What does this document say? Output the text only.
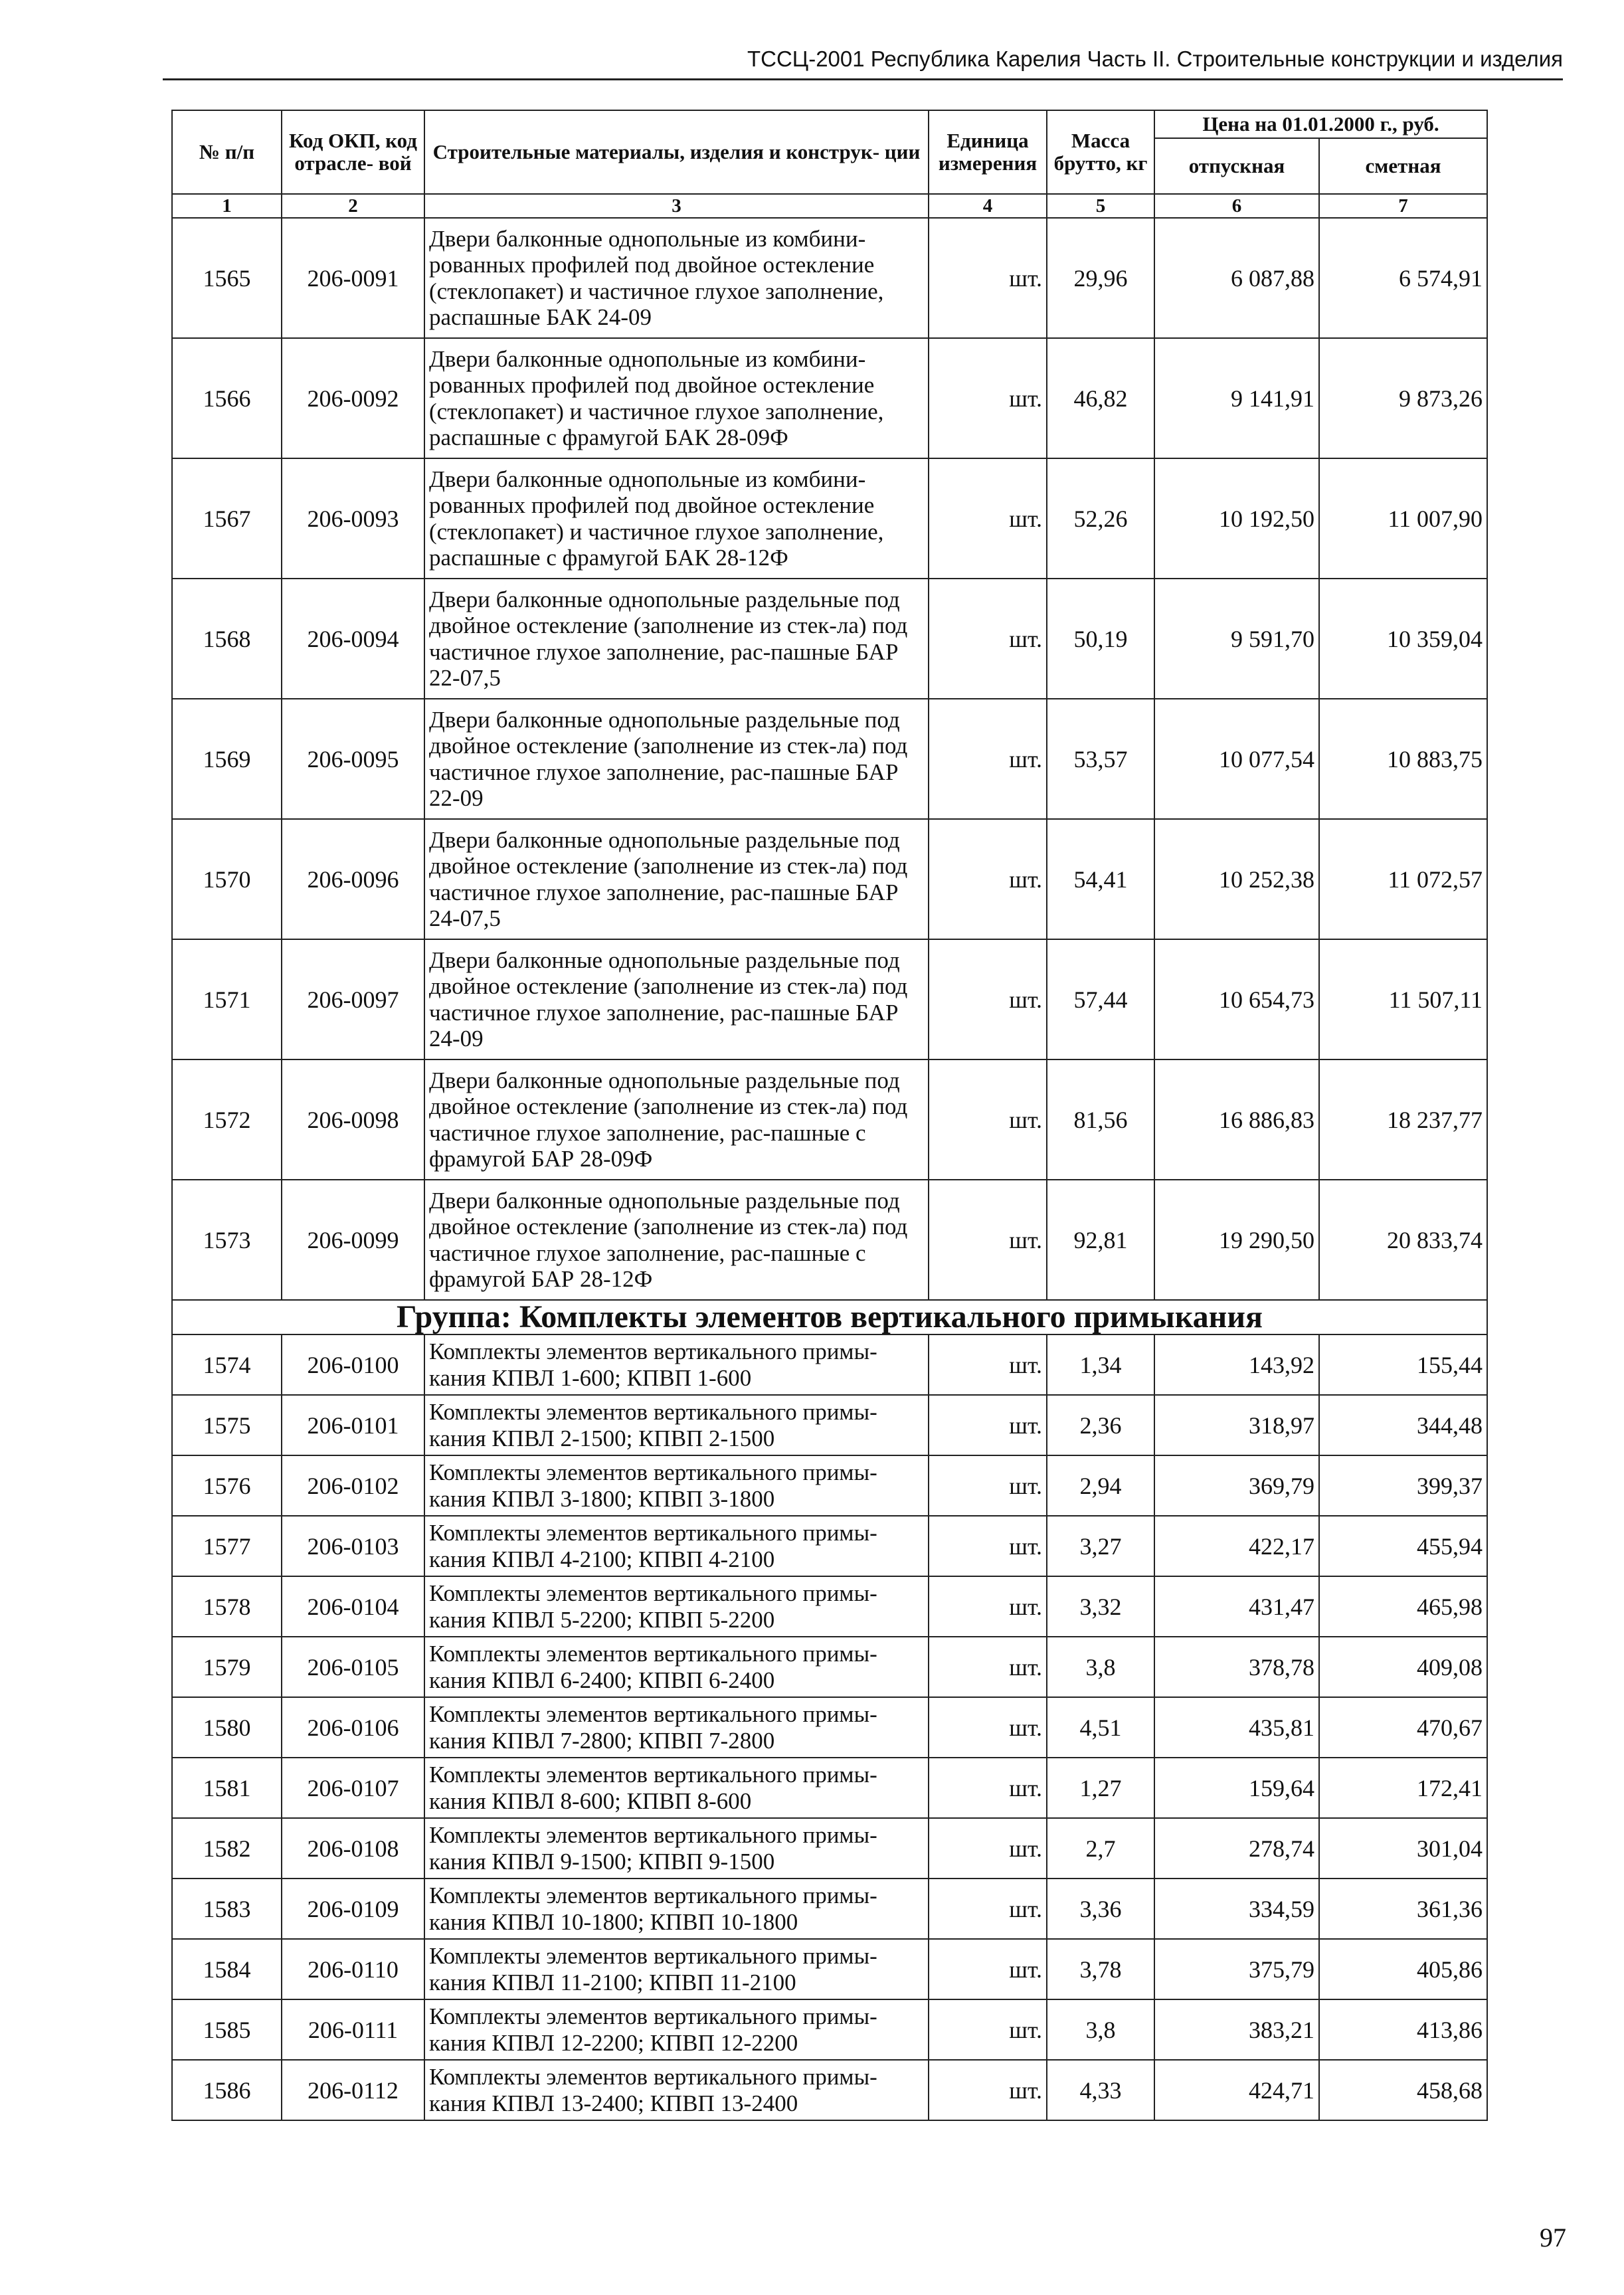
ТССЦ-2001 Республика Карелия Часть II. Строительные конструкции и изделия
№ п/п	Код ОКП, код отрасле- вой	Строительные материалы, изделия и конструк- ции	Единица измерения	Масса брутто, кг	Цена на 01.01.2000 г., руб.	
					отпускная	сметная
1	2	3	4	5	6	7
1565	206-0091	Двери балконные однопольные из комбини-рованных профилей под двойное остекление (стеклопакет) и частичное глухое заполнение, распашные БАК 24-09	шт.	29,96	6 087,88	6 574,91
1566	206-0092	Двери балконные однопольные из комбини-рованных профилей под двойное остекление (стеклопакет) и частичное глухое заполнение, распашные с фрамугой БАК 28-09Ф	шт.	46,82	9 141,91	9 873,26
1567	206-0093	Двери балконные однопольные из комбини-рованных профилей под двойное остекление (стеклопакет) и частичное глухое заполнение, распашные с фрамугой БАК 28-12Ф	шт.	52,26	10 192,50	11 007,90
1568	206-0094	Двери балконные однопольные раздельные под двойное остекление (заполнение из стек-ла) под частичное глухое заполнение, рас-пашные БАР 22-07,5	шт.	50,19	9 591,70	10 359,04
1569	206-0095	Двери балконные однопольные раздельные под двойное остекление (заполнение из стек-ла) под частичное глухое заполнение, рас-пашные БАР 22-09	шт.	53,57	10 077,54	10 883,75
1570	206-0096	Двери балконные однопольные раздельные под двойное остекление (заполнение из стек-ла) под частичное глухое заполнение, рас-пашные БАР 24-07,5	шт.	54,41	10 252,38	11 072,57
1571	206-0097	Двери балконные однопольные раздельные под двойное остекление (заполнение из стек-ла) под частичное глухое заполнение, рас-пашные БАР 24-09	шт.	57,44	10 654,73	11 507,11
1572	206-0098	Двери балконные однопольные раздельные под двойное остекление (заполнение из стек-ла) под частичное глухое заполнение, рас-пашные с фрамугой БАР 28-09Ф	шт.	81,56	16 886,83	18 237,77
1573	206-0099	Двери балконные однопольные раздельные под двойное остекление (заполнение из стек-ла) под частичное глухое заполнение, рас-пашные с фрамугой БАР 28-12Ф	шт.	92,81	19 290,50	20 833,74
Группа: Комплекты элементов вертикального примыкания						
1574	206-0100	Комплекты элементов вертикального примы-кания КПВЛ 1-600; КПВП 1-600	шт.	1,34	143,92	155,44
1575	206-0101	Комплекты элементов вертикального примы-кания КПВЛ 2-1500; КПВП 2-1500	шт.	2,36	318,97	344,48
1576	206-0102	Комплекты элементов вертикального примы-кания КПВЛ 3-1800; КПВП 3-1800	шт.	2,94	369,79	399,37
1577	206-0103	Комплекты элементов вертикального примы-кания КПВЛ 4-2100; КПВП 4-2100	шт.	3,27	422,17	455,94
1578	206-0104	Комплекты элементов вертикального примы-кания КПВЛ 5-2200; КПВП 5-2200	шт.	3,32	431,47	465,98
1579	206-0105	Комплекты элементов вертикального примы-кания КПВЛ 6-2400; КПВП 6-2400	шт.	3,8	378,78	409,08
1580	206-0106	Комплекты элементов вертикального примы-кания КПВЛ 7-2800; КПВП 7-2800	шт.	4,51	435,81	470,67
1581	206-0107	Комплекты элементов вертикального примы-кания КПВЛ 8-600; КПВП 8-600	шт.	1,27	159,64	172,41
1582	206-0108	Комплекты элементов вертикального примы-кания КПВЛ 9-1500; КПВП 9-1500	шт.	2,7	278,74	301,04
1583	206-0109	Комплекты элементов вертикального примы-кания КПВЛ 10-1800; КПВП 10-1800	шт.	3,36	334,59	361,36
1584	206-0110	Комплекты элементов вертикального примы-кания КПВЛ 11-2100; КПВП 11-2100	шт.	3,78	375,79	405,86
1585	206-0111	Комплекты элементов вертикального примы-кания КПВЛ 12-2200; КПВП 12-2200	шт.	3,8	383,21	413,86
1586	206-0112	Комплекты элементов вертикального примы-кания КПВЛ 13-2400; КПВП 13-2400	шт.	4,33	424,71	458,68
97
